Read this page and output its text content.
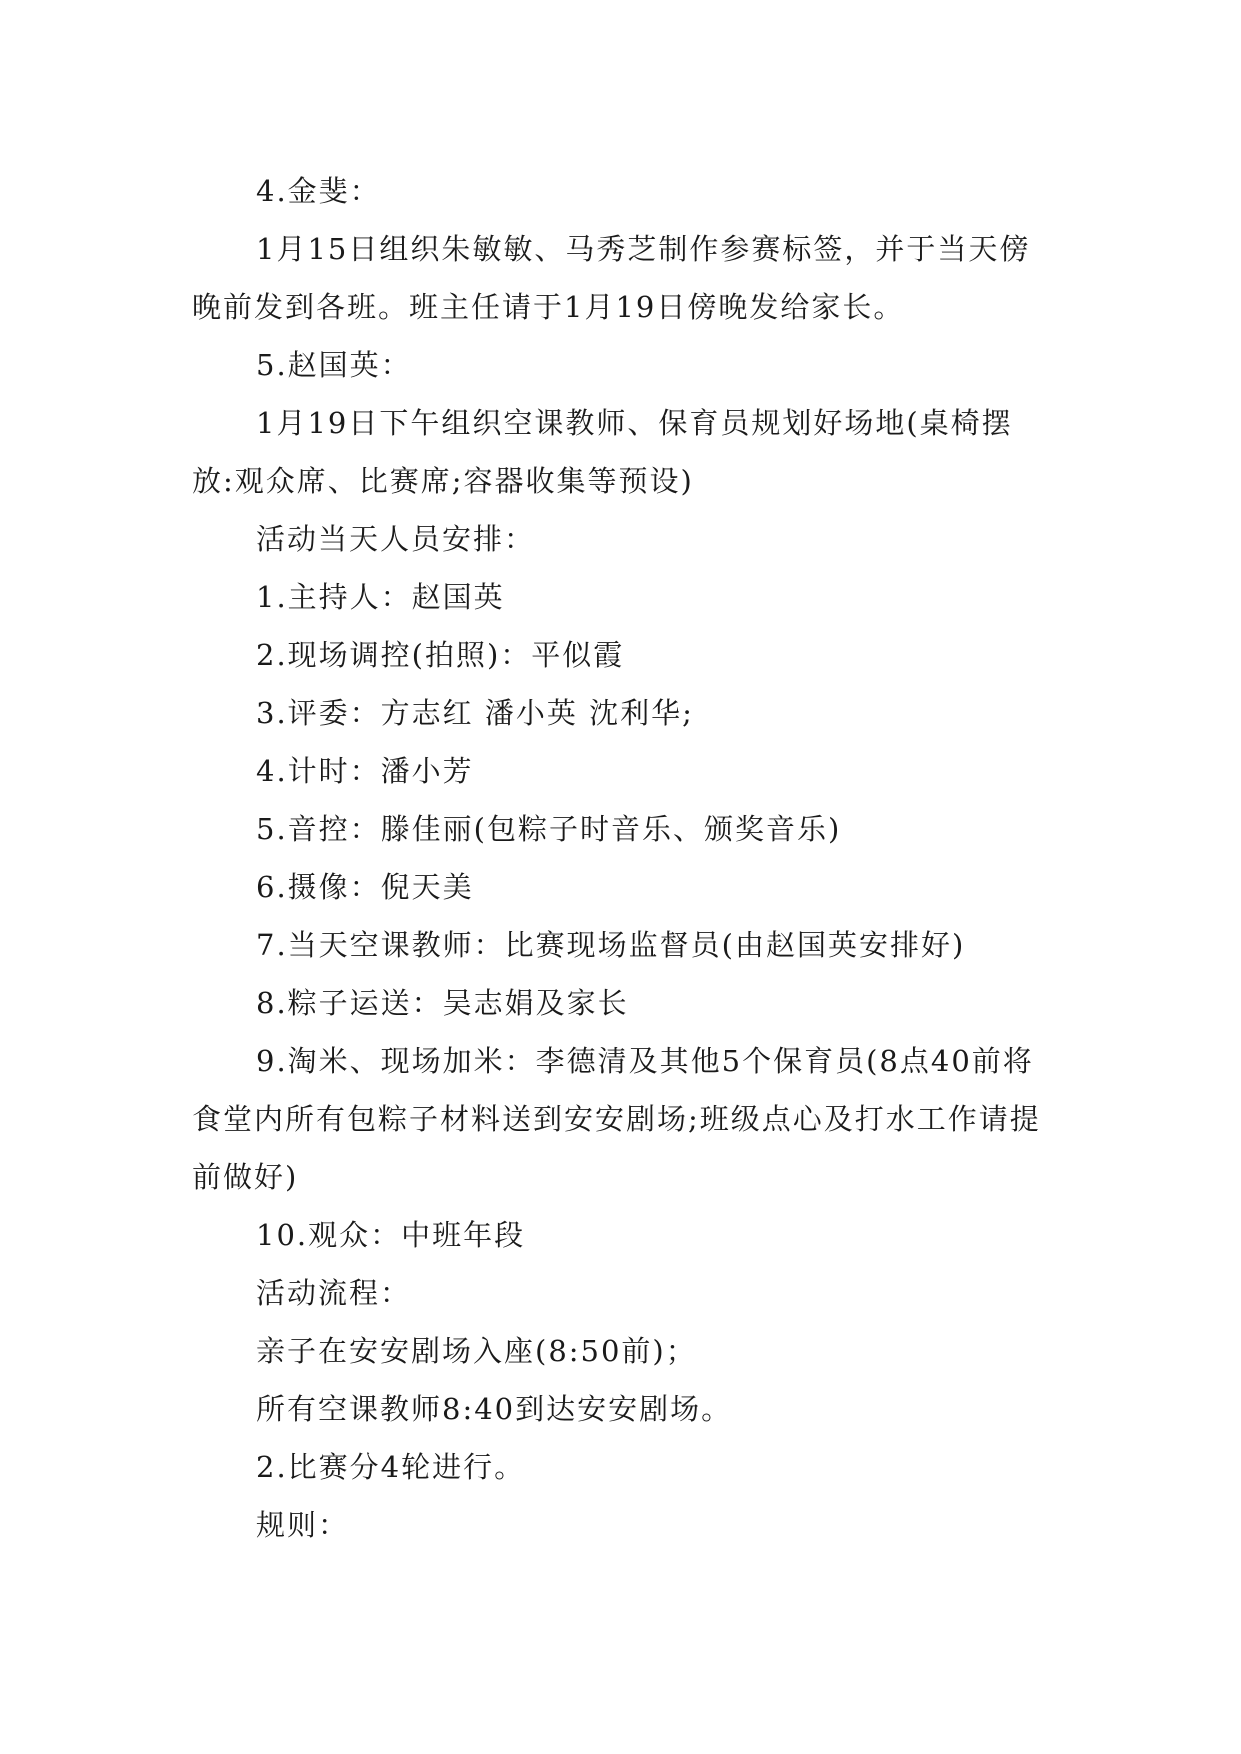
4.金斐：

1月15日组织朱敏敏、马秀芝制作参赛标签，并于当天傍晚前发到各班。班主任请于1月19日傍晚发给家长。

5.赵国英：

1月19日下午组织空课教师、保育员规划好场地(桌椅摆放:观众席、比赛席;容器收集等预设)

活动当天人员安排：

1.主持人：赵国英

2.现场调控(拍照)：平似霞

3.评委：方志红 潘小英 沈利华;

4.计时：潘小芳

5.音控：滕佳丽(包粽子时音乐、颁奖音乐)

6.摄像：倪天美

7.当天空课教师：比赛现场监督员(由赵国英安排好)

8.粽子运送：吴志娟及家长

9.淘米、现场加米：李德清及其他5个保育员(8点40前将食堂内所有包粽子材料送到安安剧场;班级点心及打水工作请提前做好)

10.观众：中班年段

活动流程：

亲子在安安剧场入座(8:50前)；

所有空课教师8:40到达安安剧场。

2.比赛分4轮进行。

规则：
